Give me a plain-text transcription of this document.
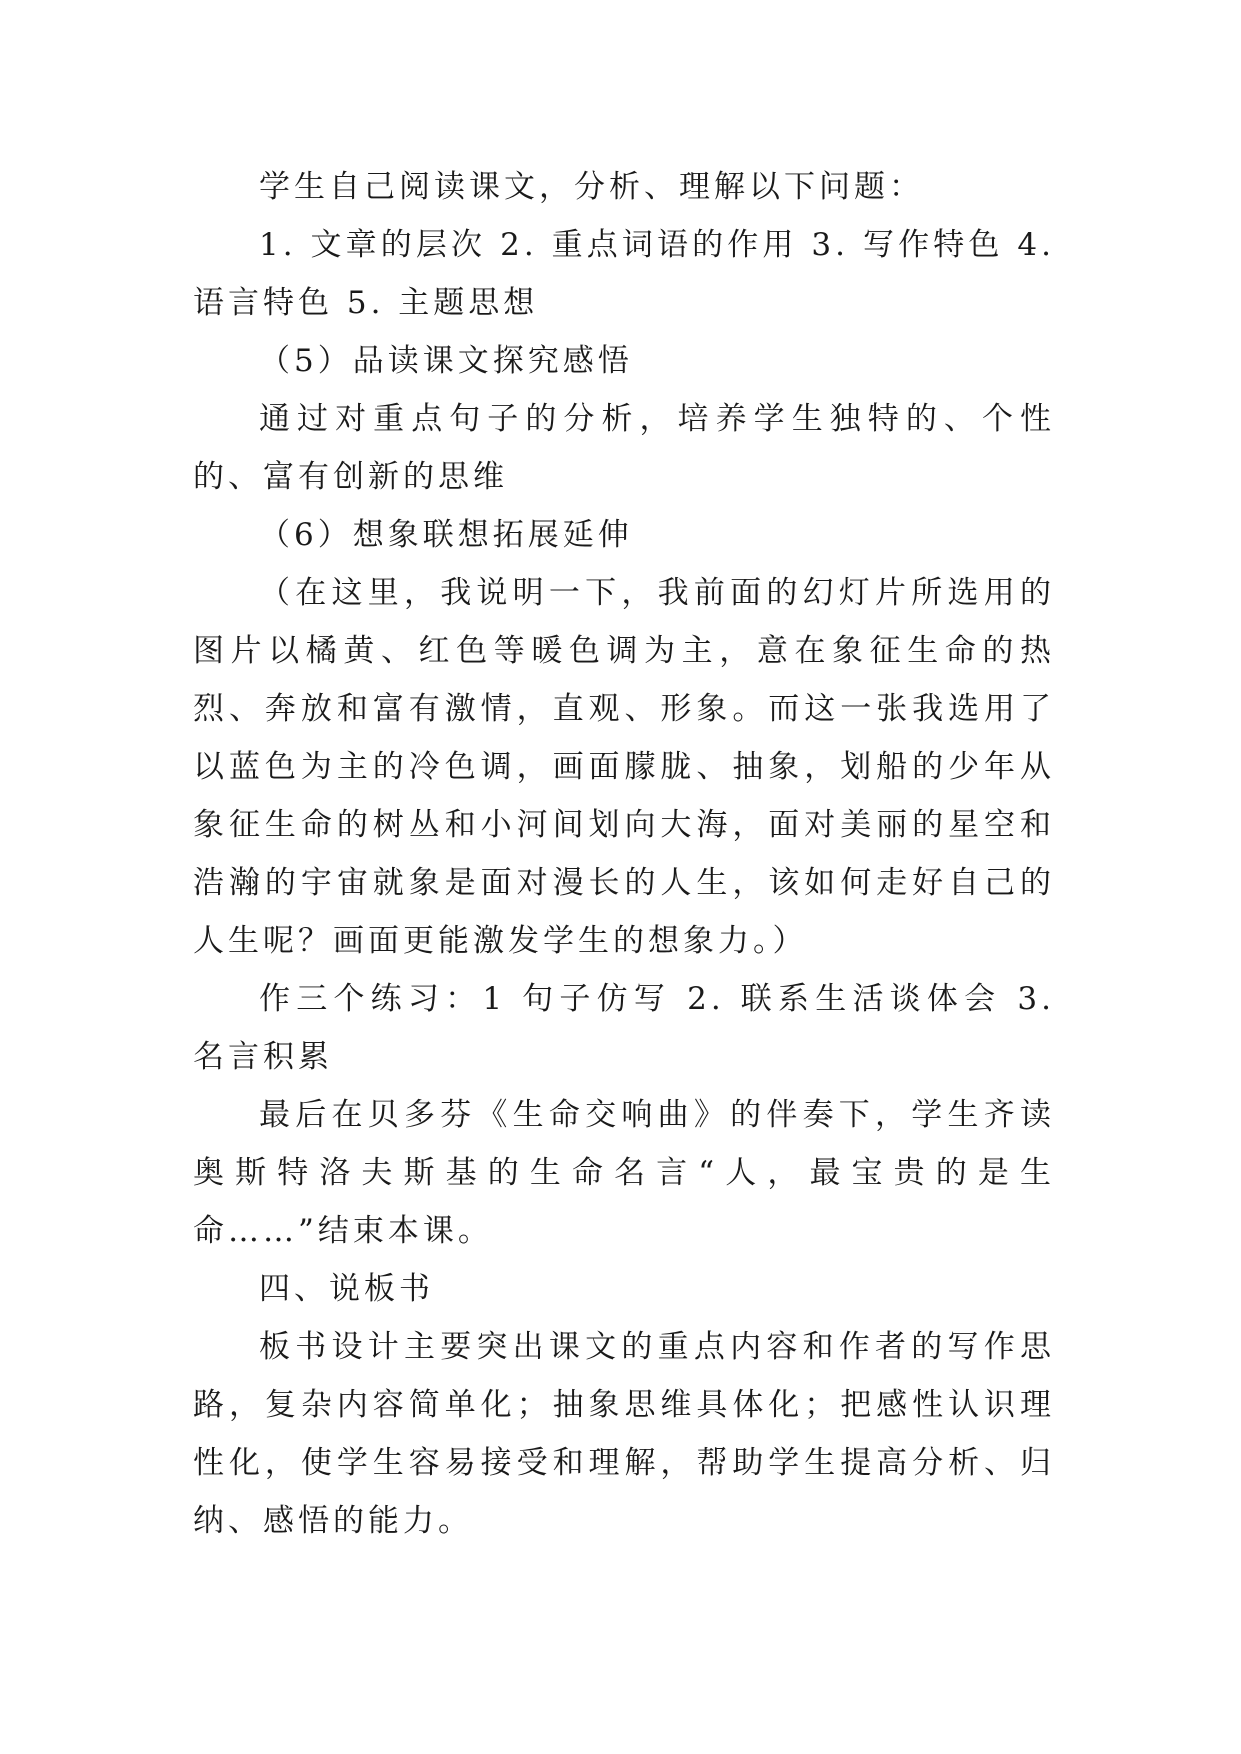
学生自己阅读课文，分析、理解以下问题：

1. 文章的层次 2. 重点词语的作用 3. 写作特色 4. 语言特色 5. 主题思想

（5）品读课文探究感悟

通过对重点句子的分析，培养学生独特的、个性的、富有创新的思维

（6）想象联想拓展延伸

（在这里，我说明一下，我前面的幻灯片所选用的图片以橘黄、红色等暖色调为主，意在象征生命的热烈、奔放和富有激情，直观、形象。而这一张我选用了以蓝色为主的冷色调，画面朦胧、抽象，划船的少年从象征生命的树丛和小河间划向大海，面对美丽的星空和浩瀚的宇宙就象是面对漫长的人生，该如何走好自己的人生呢？画面更能激发学生的想象力。）

作三个练习：1 句子仿写 2. 联系生活谈体会 3. 名言积累

最后在贝多芬《生命交响曲》的伴奏下，学生齐读奥斯特洛夫斯基的生命名言“人，最宝贵的是生命……”结束本课。

四、说板书

板书设计主要突出课文的重点内容和作者的写作思路，复杂内容简单化；抽象思维具体化；把感性认识理性化，使学生容易接受和理解，帮助学生提高分析、归纳、感悟的能力。
